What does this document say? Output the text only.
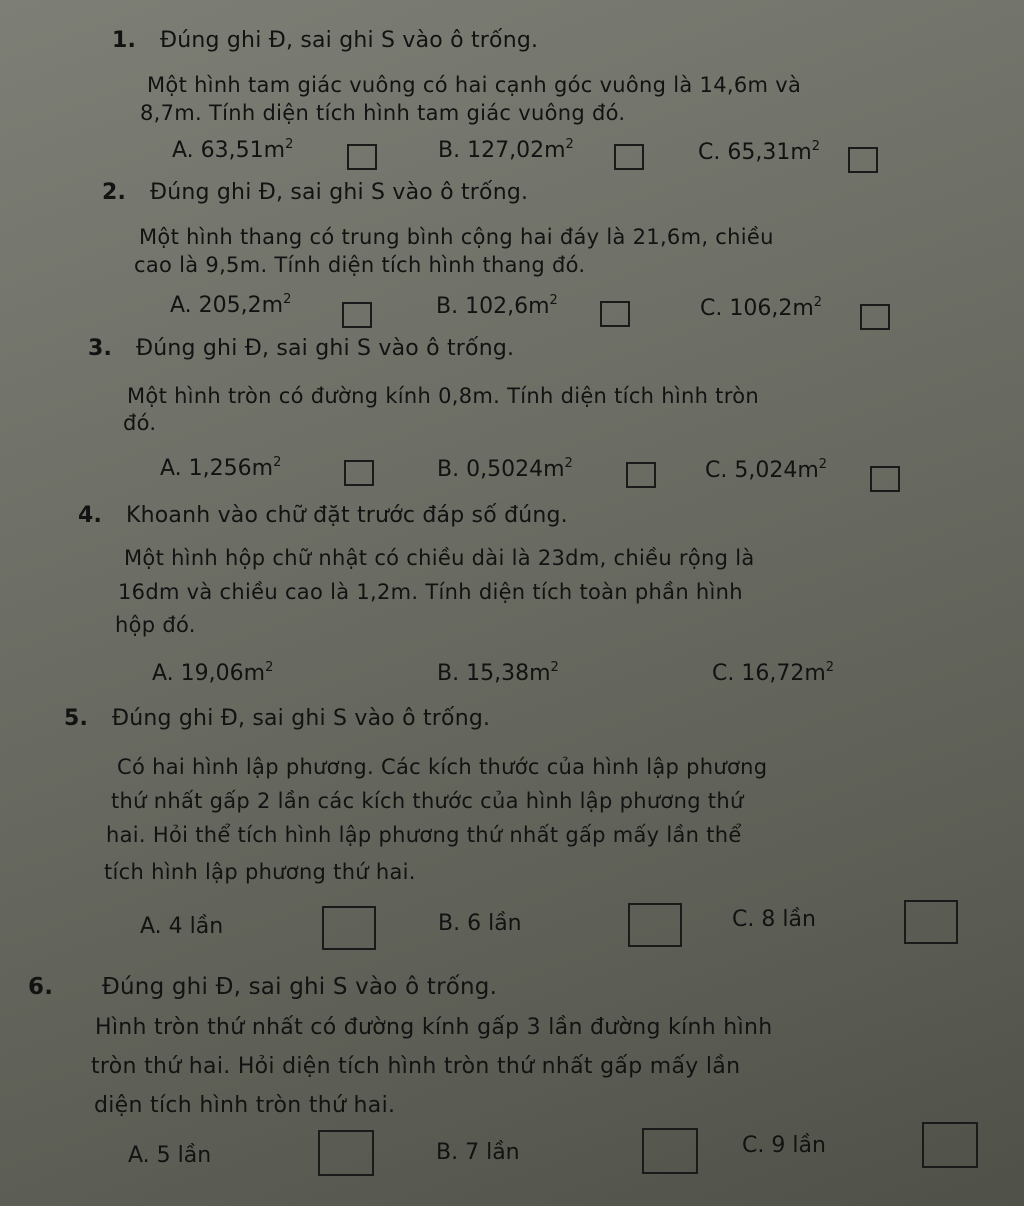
1. Đúng ghi Đ, sai ghi S vào ô trống.
Một hình tam giác vuông có hai cạnh góc vuông là 14,6m và
8,7m. Tính diện tích hình tam giác vuông đó.
A. $63,51m^2$	B. $127,02m^2$	C. $65,31m^2$
2. Đúng ghi Đ, sai ghi S vào ô trống.
Một hình thang có trung bình cộng hai đáy là 21,6m, chiều
cao là 9,5m. Tính diện tích hình thang đó.
A. $205,2m^2$	B. $102,6m^2$	C. $106,2m^2$
3. Đúng ghi Đ, sai ghi S vào ô trống.
Một hình tròn có đường kính 0,8m. Tính diện tích hình tròn
đó.
A. $1,256m^2$	B. $0,5024m^2$	C. $5,024m^2$
4. Khoanh vào chữ đặt trước đáp số đúng.
Một hình hộp chữ nhật có chiều dài là 23dm, chiều rộng là
16dm và chiều cao là 1,2m. Tính diện tích toàn phần hình
hộp đó.
A. $19,06m^2$	B. $15,38m^2$	C. $16,72m^2$
5. Đúng ghi Đ, sai ghi S vào ô trống.
Có hai hình lập phương. Các kích thước của hình lập phương
thứ nhất gấp 2 lần các kích thước của hình lập phương thứ
hai. Hỏi thể tích hình lập phương thứ nhất gấp mấy lần thể
tích hình lập phương thứ hai.
A. 4 lần	B. 6 lần	C. 8 lần
6. Đúng ghi Đ, sai ghi S vào ô trống.
Hình tròn thứ nhất có đường kính gấp 3 lần đường kính hình
tròn thứ hai. Hỏi diện tích hình tròn thứ nhất gấp mấy lần
diện tích hình tròn thứ hai.
A. 5 lần	B. 7 lần	C. 9 lần
